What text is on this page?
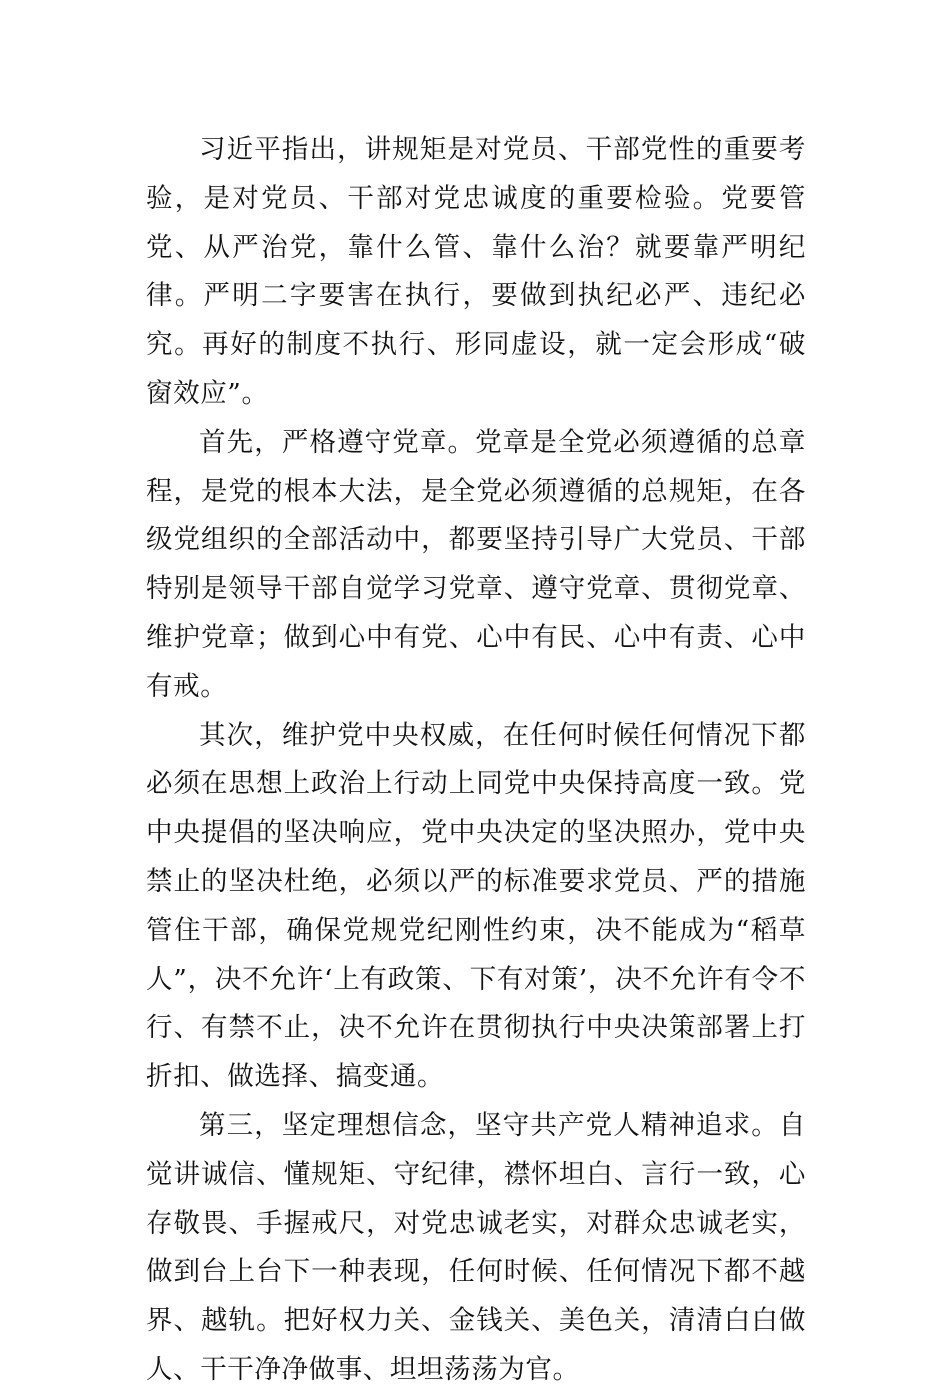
习近平指出，讲规矩是对党员、干部党性的重要考验，是对党员、干部对党忠诚度的重要检验。党要管党、从严治党，靠什么管、靠什么治？就要靠严明纪律。严明二字要害在执行，要做到执纪必严、违纪必究。再好的制度不执行、形同虚设，就一定会形成“破窗效应”。

首先，严格遵守党章。党章是全党必须遵循的总章程，是党的根本大法，是全党必须遵循的总规矩，在各级党组织的全部活动中，都要坚持引导广大党员、干部特别是领导干部自觉学习党章、遵守党章、贯彻党章、维护党章；做到心中有党、心中有民、心中有责、心中有戒。

其次，维护党中央权威，在任何时候任何情况下都必须在思想上政治上行动上同党中央保持高度一致。党中央提倡的坚决响应，党中央决定的坚决照办，党中央禁止的坚决杜绝，必须以严的标准要求党员、严的措施管住干部，确保党规党纪刚性约束，决不能成为“稻草人”，决不允许‘上有政策、下有对策’，决不允许有令不行、有禁不止，决不允许在贯彻执行中央决策部署上打折扣、做选择、搞变通。

第三，坚定理想信念，坚守共产党人精神追求。自觉讲诚信、懂规矩、守纪律，襟怀坦白、言行一致，心存敬畏、手握戒尺，对党忠诚老实，对群众忠诚老实，做到台上台下一种表现，任何时候、任何情况下都不越界、越轨。把好权力关、金钱关、美色关，清清白白做人、干干净净做事、坦坦荡荡为官。
